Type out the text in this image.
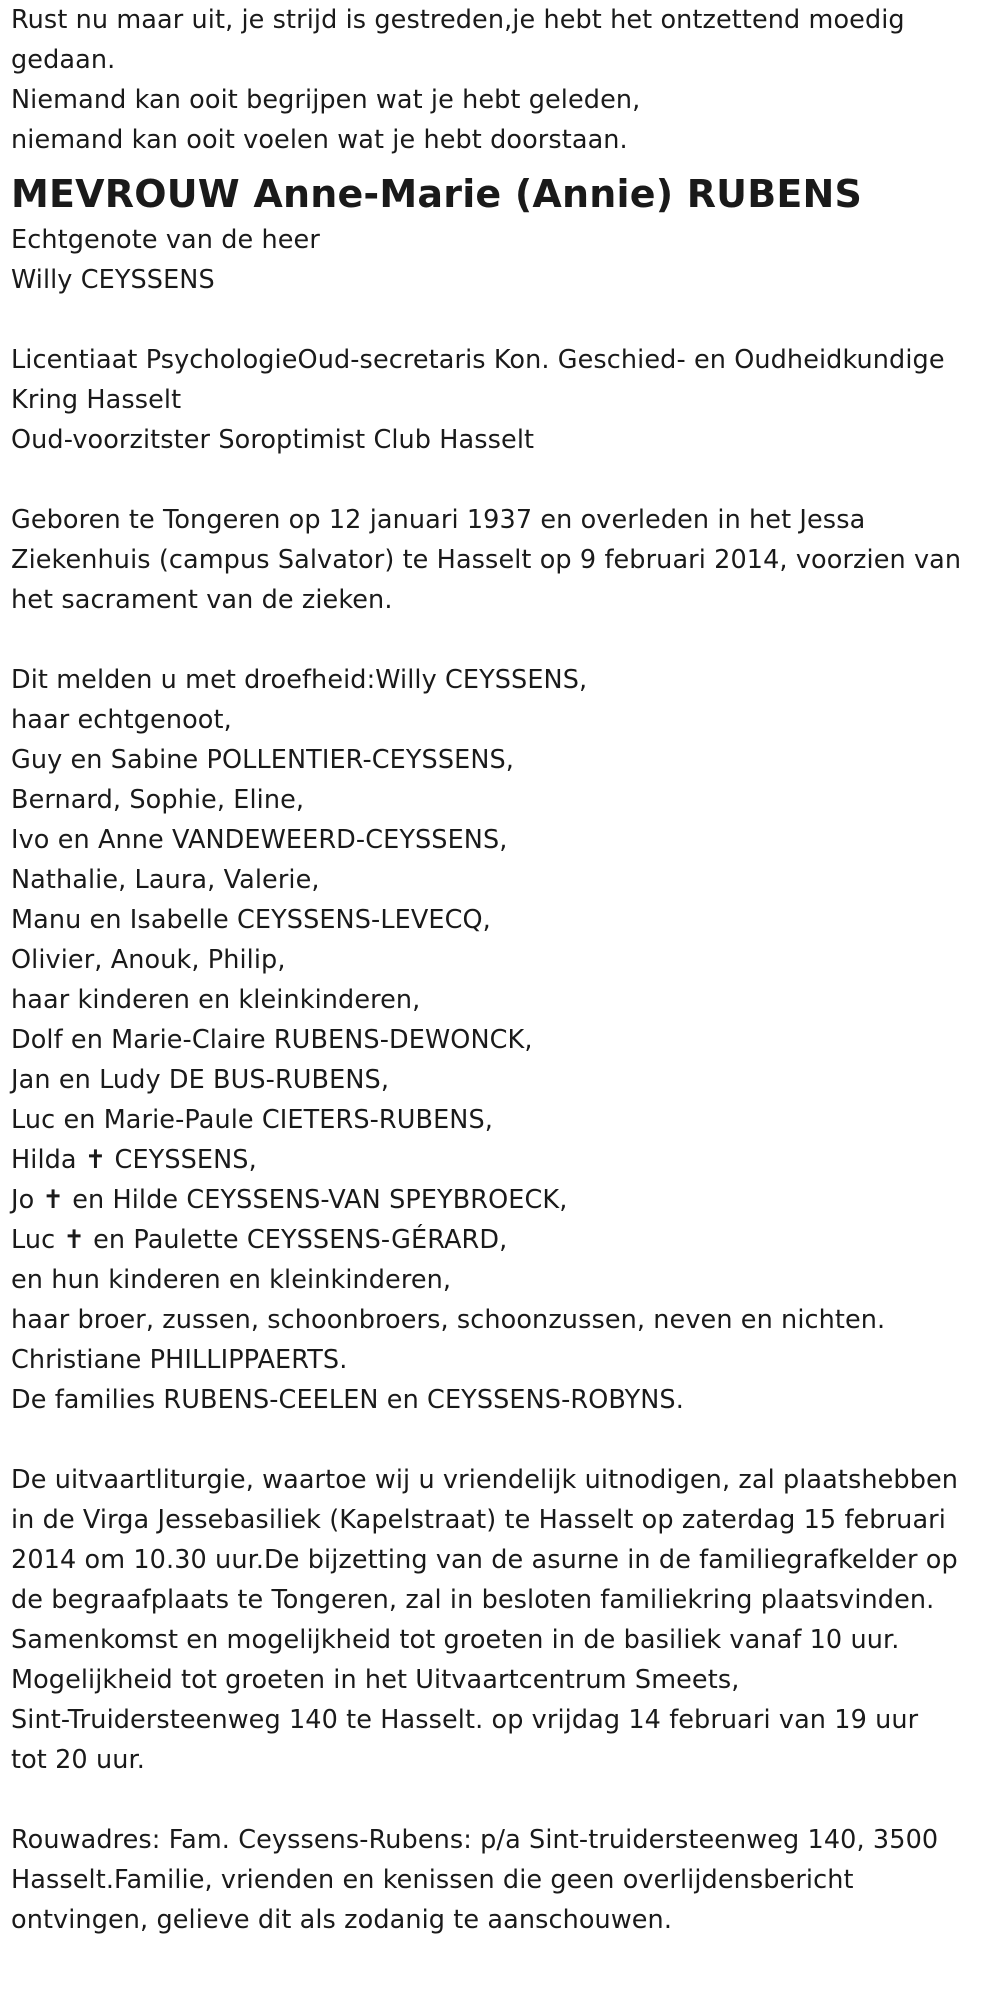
Rust nu maar uit, je strijd is gestreden,je hebt het ontzettend moedig
gedaan.
Niemand kan ooit begrijpen wat je hebt geleden,
niemand kan ooit voelen wat je hebt doorstaan.
MEVROUW Anne-Marie (Annie) RUBENS
Echtgenote van de heer
Willy CEYSSENS
Licentiaat PsychologieOud-secretaris Kon. Geschied- en Oudheidkundige
Kring Hasselt
Oud-voorzitster Soroptimist Club Hasselt
Geboren te Tongeren op 12 januari 1937 en overleden in het Jessa
Ziekenhuis (campus Salvator) te Hasselt op 9 februari 2014, voorzien van
het sacrament van de zieken.
Dit melden u met droefheid:Willy CEYSSENS,
haar echtgenoot,
Guy en Sabine POLLENTIER-CEYSSENS,
Bernard, Sophie, Eline,
Ivo en Anne VANDEWEERD-CEYSSENS,
Nathalie, Laura, Valerie,
Manu en Isabelle CEYSSENS-LEVECQ,
Olivier, Anouk, Philip,
haar kinderen en kleinkinderen,
Dolf en Marie-Claire RUBENS-DEWONCK,
Jan en Ludy DE BUS-RUBENS,
Luc en Marie-Paule CIETERS-RUBENS,
Hilda ✝ CEYSSENS,
Jo ✝ en Hilde CEYSSENS-VAN SPEYBROECK,
Luc ✝ en Paulette CEYSSENS-GÉRARD,
en hun kinderen en kleinkinderen,
haar broer, zussen, schoonbroers, schoonzussen, neven en nichten.
Christiane PHILLIPPAERTS.
De families RUBENS-CEELEN en CEYSSENS-ROBYNS.
De uitvaartliturgie, waartoe wij u vriendelijk uitnodigen, zal plaatshebben
in de Virga Jessebasiliek (Kapelstraat) te Hasselt op zaterdag 15 februari
2014 om 10.30 uur.De bijzetting van de asurne in de familiegrafkelder op
de begraafplaats te Tongeren, zal in besloten familiekring plaatsvinden.
Samenkomst en mogelijkheid tot groeten in de basiliek vanaf 10 uur.
Mogelijkheid tot groeten in het Uitvaartcentrum Smeets,
Sint-Truidersteenweg 140 te Hasselt. op vrijdag 14 februari van 19 uur
tot 20 uur.
Rouwadres: Fam. Ceyssens-Rubens: p/a Sint-truidersteenweg 140, 3500
Hasselt.Familie, vrienden en kenissen die geen overlijdensbericht
ontvingen, gelieve dit als zodanig te aanschouwen.
